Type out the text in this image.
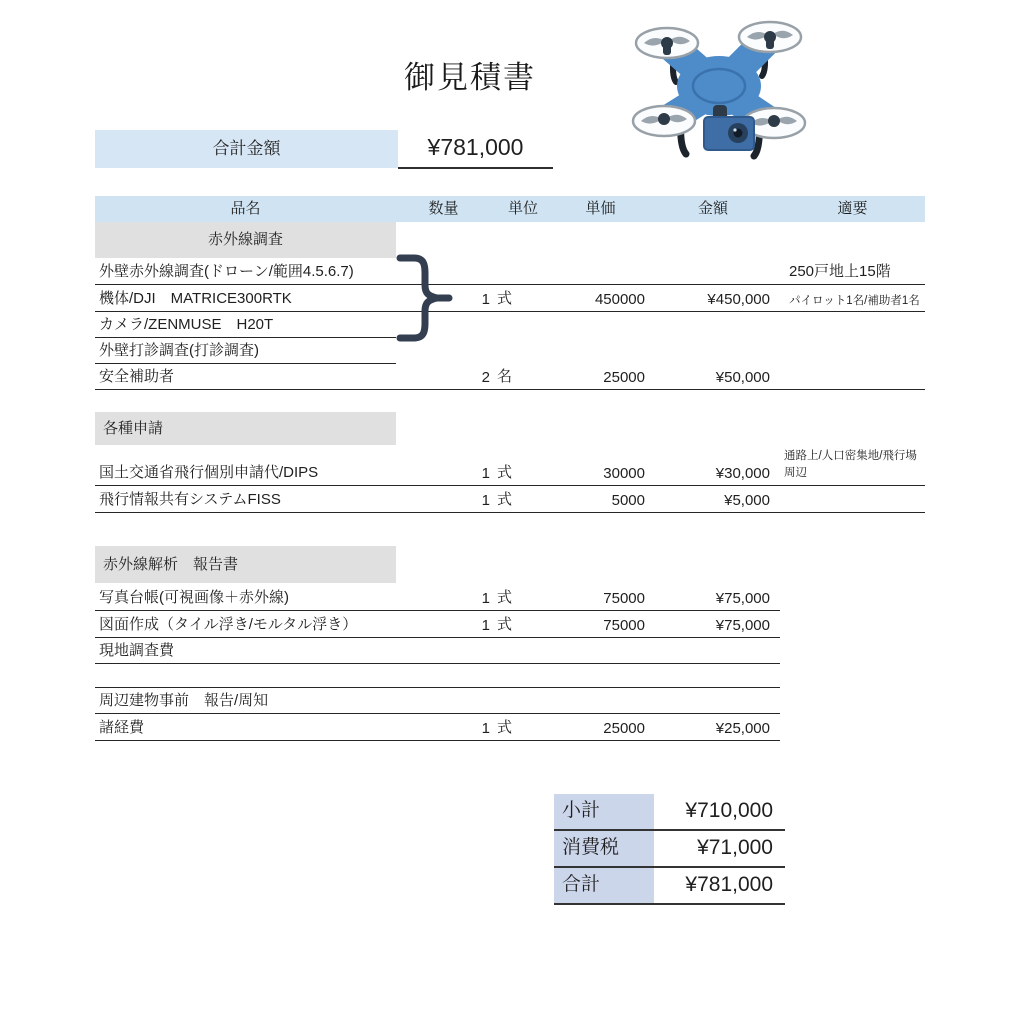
御見積書
合計金額	¥781,000
品名	数量	単位	単価	金額	適要
赤外線調査
外壁赤外線調査(ドローン/範囲4.5.6.7)	250戸地上15階
機体/DJI　MATRICE300RTK	1 式	450000	¥450,000 パイロット1名/補助者1名
カメラ/ZENMUSE　H20T
外壁打診調査(打診調査)
安全補助者	2 名	25000	¥50,000
各種申請
国土交通省飛行個別申請代/DIPS	1 式	30000	¥30,000
通路上/人口密集地/飛行場周辺
飛行情報共有システムFISS	1 式	5000	¥5,000
赤外線解析　報告書
写真台帳(可視画像＋赤外線)	1 式	75000	¥75,000
図面作成（タイル浮き/モルタル浮き）	1 式	75000	¥75,000
現地調査費
周辺建物事前　報告/周知
諸経費	1 式	25000	¥25,000
小計	¥710,000
消費税	¥71,000
合計	¥781,000
